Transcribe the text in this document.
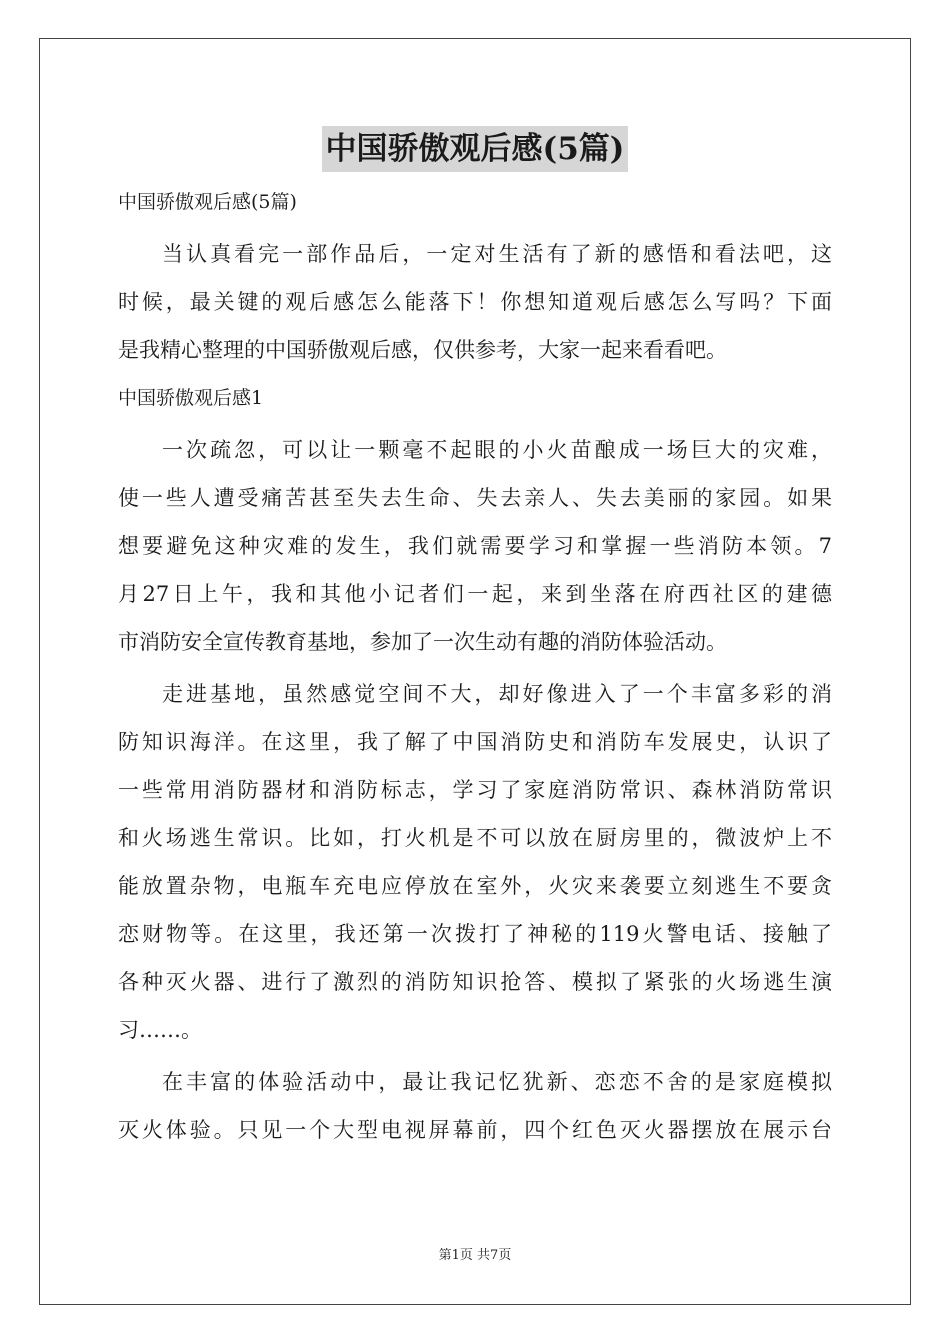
中国骄傲观后感(5篇)
中国骄傲观后感(5篇)
当认真看完一部作品后，一定对生活有了新的感悟和看法吧，这
时候，最关键的观后感怎么能落下！你想知道观后感怎么写吗？下面
是我精心整理的中国骄傲观后感，仅供参考，大家一起来看看吧。
中国骄傲观后感1
一次疏忽，可以让一颗毫不起眼的小火苗酿成一场巨大的灾难，
使一些人遭受痛苦甚至失去生命、失去亲人、失去美丽的家园。如果
想要避免这种灾难的发生，我们就需要学习和掌握一些消防本领。7
月27日上午，我和其他小记者们一起，来到坐落在府西社区的建德
市消防安全宣传教育基地，参加了一次生动有趣的消防体验活动。
走进基地，虽然感觉空间不大，却好像进入了一个丰富多彩的消
防知识海洋。在这里，我了解了中国消防史和消防车发展史，认识了
一些常用消防器材和消防标志，学习了家庭消防常识、森林消防常识
和火场逃生常识。比如，打火机是不可以放在厨房里的，微波炉上不
能放置杂物，电瓶车充电应停放在室外，火灾来袭要立刻逃生不要贪
恋财物等。在这里，我还第一次拨打了神秘的119火警电话、接触了
各种灭火器、进行了激烈的消防知识抢答、模拟了紧张的火场逃生演
习……。
在丰富的体验活动中，最让我记忆犹新、恋恋不舍的是家庭模拟
灭火体验。只见一个大型电视屏幕前，四个红色灭火器摆放在展示台
第1页 共7页
